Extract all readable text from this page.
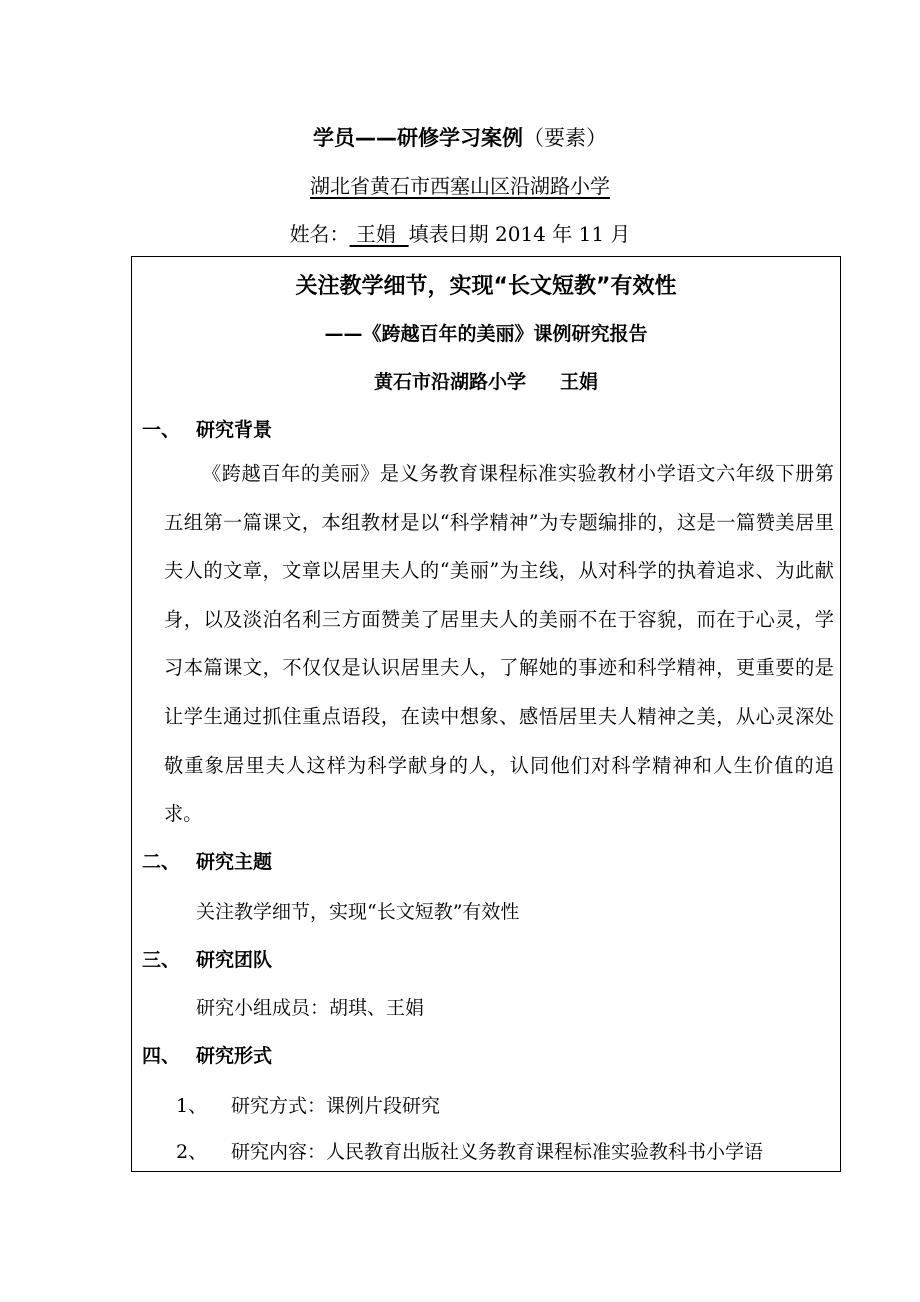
学员——研修学习案例（要素）
湖北省黄石市西塞山区沿湖路小学
姓名： 王娟  填表日期 2014 年 11 月
关注教学细节，实现“长文短教”有效性
——《跨越百年的美丽》课例研究报告
黄石市沿湖路小学 王娟
一、 研究背景
《跨越百年的美丽》是义务教育课程标准实验教材小学语文六年级下册第五组第一篇课文，本组教材是以“科学精神”为专题编排的，这是一篇赞美居里夫人的文章，文章以居里夫人的“美丽”为主线，从对科学的执着追求、为此献身，以及淡泊名利三方面赞美了居里夫人的美丽不在于容貌，而在于心灵，学习本篇课文，不仅仅是认识居里夫人，了解她的事迹和科学精神，更重要的是让学生通过抓住重点语段，在读中想象、感悟居里夫人精神之美，从心灵深处敬重象居里夫人这样为科学献身的人，认同他们对科学精神和人生价值的追求。
二、 研究主题
关注教学细节，实现“长文短教”有效性
三、 研究团队
研究小组成员：胡琪、王娟
四、 研究形式
1、 研究方式：课例片段研究
2、 研究内容：人民教育出版社义务教育课程标准实验教科书小学语
